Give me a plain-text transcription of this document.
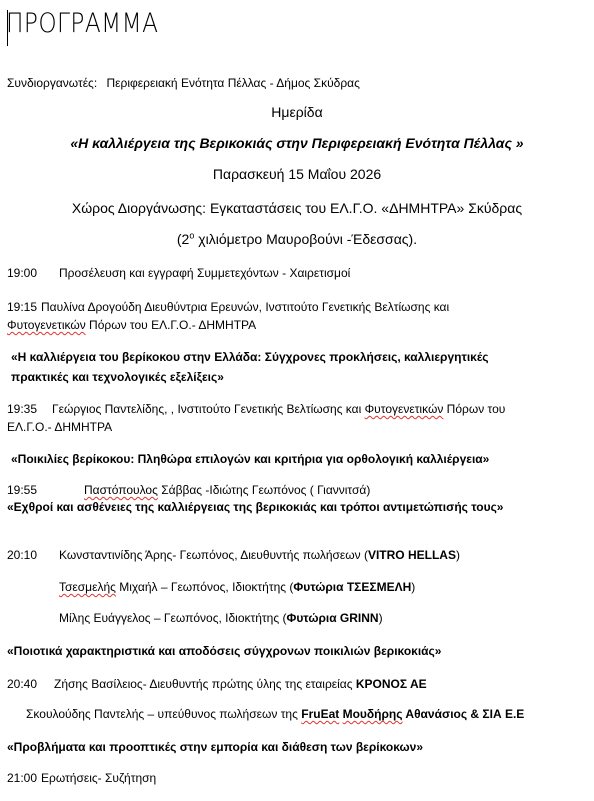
ΠΡΟΓΡΑΜΜΑ
Συνδιοργανωτές: Περιφερειακή Ενότητα Πέλλας - Δήμος Σκύδρας
Ημερίδα
«Η καλλιέργεια της Βερικοκιάς στην Περιφερειακή Ενότητα Πέλλας »
Παρασκευή 15 Μαΐου 2026
Χώρος Διοργάνωσης: Εγκαταστάσεις του ΕΛ.Γ.Ο. «ΔΗΜΗΤΡΑ» Σκύδρας
($2^o$ χιλιόμετρο Μαυροβούνι -Έδεσσας).
19:00 Προσέλευση και εγγραφή Συμμετεχόντων - Χαιρετισμοί
19:15 Παυλίνα Δρογούδη Διευθύντρια Ερευνών, Ινστιτούτο Γενετικής Βελτίωσης και
Φυτογενετικών Πόρων του ΕΛ.Γ.Ο.- ΔΗΜΗΤΡΑ
«Η καλλιέργεια του βερίκοκου στην Ελλάδα: Σύγχρονες προκλήσεις, καλλιεργητικές
πρακτικές και τεχνολογικές εξελίξεις»
19:35 Γεώργιος Παντελίδης, , Ινστιτούτο Γενετικής Βελτίωσης και Φυτογενετικών Πόρων του
ΕΛ.Γ.Ο.- ΔΗΜΗΤΡΑ
«Ποικιλίες βερίκοκου: Πληθώρα επιλογών και κριτήρια για ορθολογική καλλιέργεια»
19:55	Παστόπουλος Σάββας -Ιδιώτης Γεωπόνος ( Γιαννιτσά)
«Εχθροί και ασθένειες της καλλιέργειας της βερικοκιάς και τρόποι αντιμετώπισής τους»
20:10 Κωνσταντινίδης Άρης- Γεωπόνος, Διευθυντής πωλήσεων (VITRO HELLAS)
Τσεσμελής Μιχαήλ – Γεωπόνος, Ιδιοκτήτης (Φυτώρια ΤΣΕΣΜΕΛΗ)
Μίλης Ευάγγελος – Γεωπόνος, Ιδιοκτήτης (Φυτώρια GRINN)
«Ποιοτικά χαρακτηριστικά και αποδόσεις σύγχρονων ποικιλιών βερικοκιάς»
20:40 Ζήσης Βασίλειος- Διευθυντής πρώτης ύλης της εταιρείας ΚΡΟΝΟΣ ΑΕ
Σκουλούδης Παντελής – υπεύθυνος πωλήσεων της FruEat Μουδήρης Αθανάσιος & ΣΙΑ Ε.Ε
«Προβλήματα και προοπτικές στην εμπορία και διάθεση των βερίκοκων»
21:00 Ερωτήσεις- Συζήτηση
